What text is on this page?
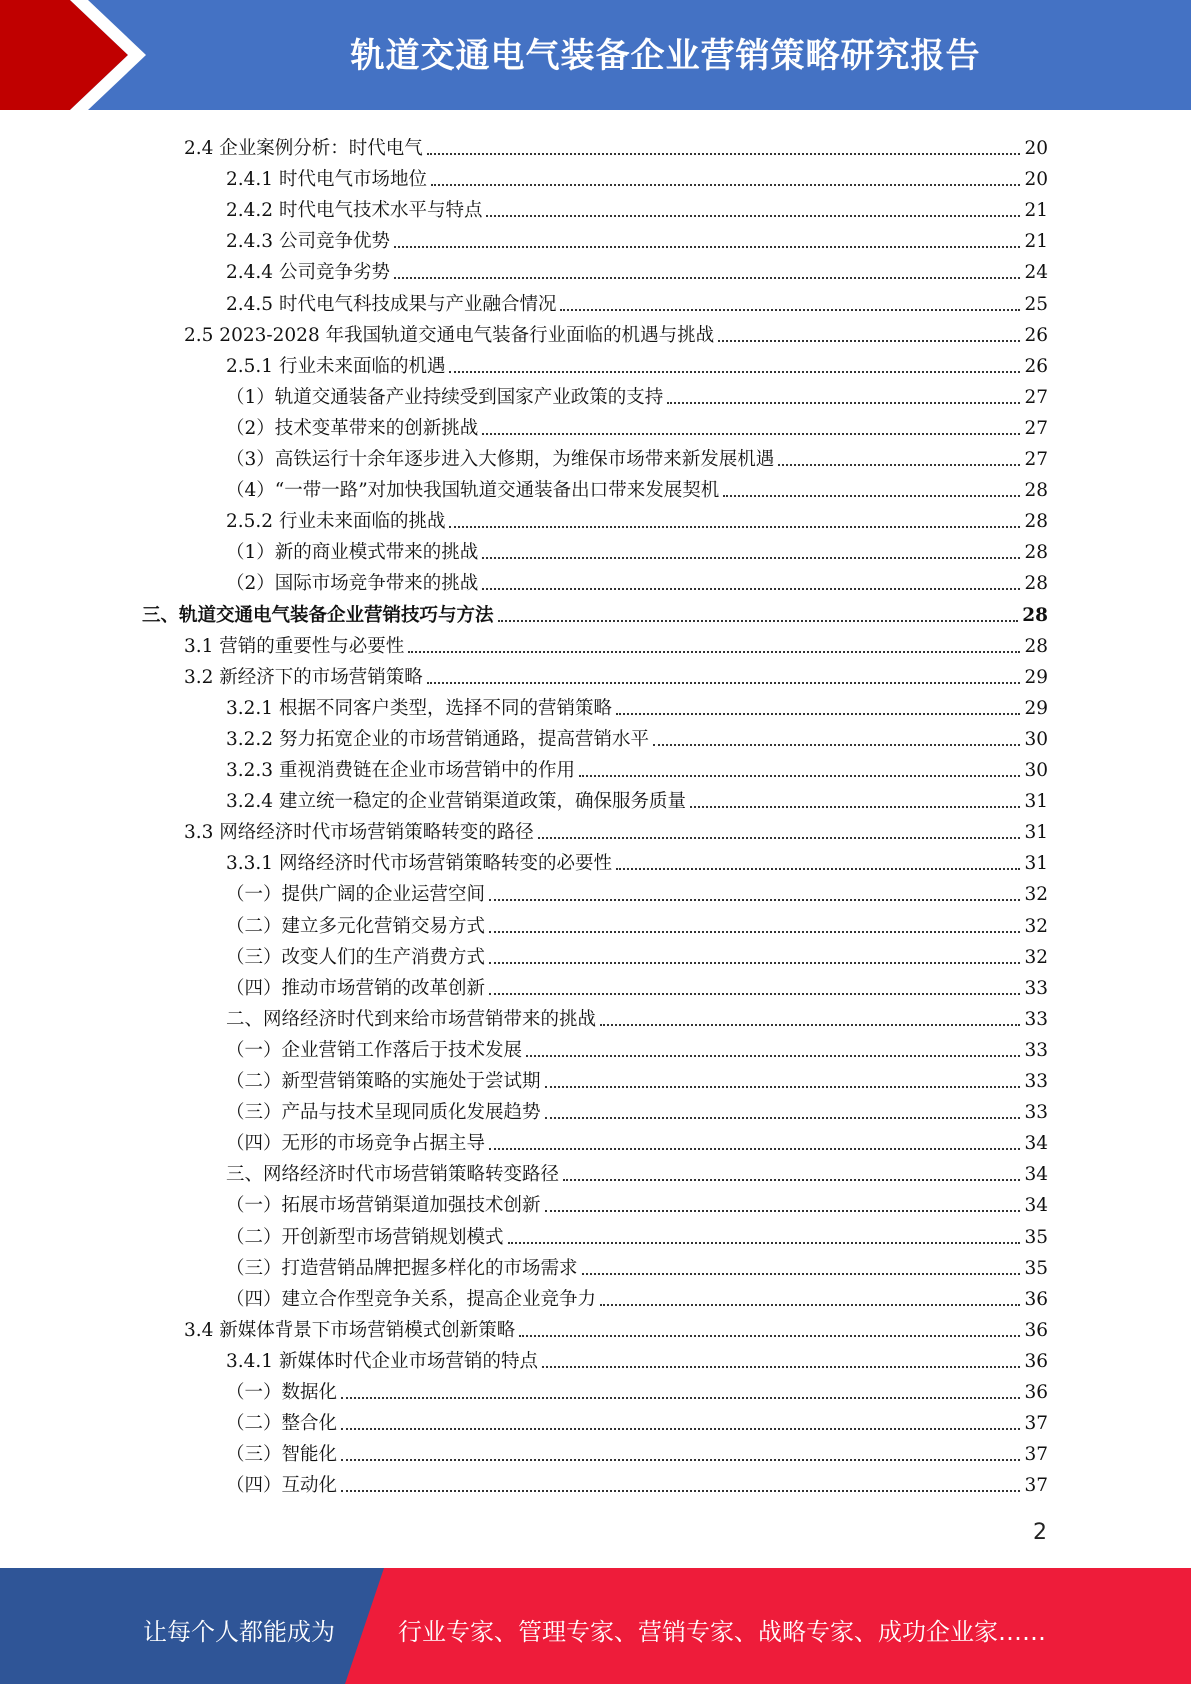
轨道交通电气装备企业营销策略研究报告
2.4 企业案例分析：时代电气	20
2.4.1 时代电气市场地位	20
2.4.2 时代电气技术水平与特点	21
2.4.3 公司竞争优势	21
2.4.4 公司竞争劣势	24
2.4.5 时代电气科技成果与产业融合情况	25
2.5 2023-2028 年我国轨道交通电气装备行业面临的机遇与挑战	26
2.5.1 行业未来面临的机遇	26
（1）轨道交通装备产业持续受到国家产业政策的支持	27
（2）技术变革带来的创新挑战	27
（3）高铁运行十余年逐步进入大修期，为维保市场带来新发展机遇	27
（4）“一带一路”对加快我国轨道交通装备出口带来发展契机	28
2.5.2 行业未来面临的挑战	28
（1）新的商业模式带来的挑战	28
（2）国际市场竞争带来的挑战	28
三、轨道交通电气装备企业营销技巧与方法	28
3.1 营销的重要性与必要性	28
3.2 新经济下的市场营销策略	29
3.2.1 根据不同客户类型，选择不同的营销策略	29
3.2.2 努力拓宽企业的市场营销通路，提高营销水平	30
3.2.3 重视消费链在企业市场营销中的作用	30
3.2.4 建立统一稳定的企业营销渠道政策，确保服务质量	31
3.3 网络经济时代市场营销策略转变的路径	31
3.3.1 网络经济时代市场营销策略转变的必要性	31
（一）提供广阔的企业运营空间	32
（二）建立多元化营销交易方式	32
（三）改变人们的生产消费方式	32
（四）推动市场营销的改革创新	33
二、网络经济时代到来给市场营销带来的挑战	33
（一）企业营销工作落后于技术发展	33
（二）新型营销策略的实施处于尝试期	33
（三）产品与技术呈现同质化发展趋势	33
（四）无形的市场竞争占据主导	34
三、网络经济时代市场营销策略转变路径	34
（一）拓展市场营销渠道加强技术创新	34
（二）开创新型市场营销规划模式	35
（三）打造营销品牌把握多样化的市场需求	35
（四）建立合作型竞争关系，提高企业竞争力	36
3.4 新媒体背景下市场营销模式创新策略	36
3.4.1 新媒体时代企业市场营销的特点	36
（一）数据化	36
（二）整合化	37
（三）智能化	37
（四）互动化	37
2
让每个人都能成为	行业专家、管理专家、营销专家、战略专家、成功企业家……
